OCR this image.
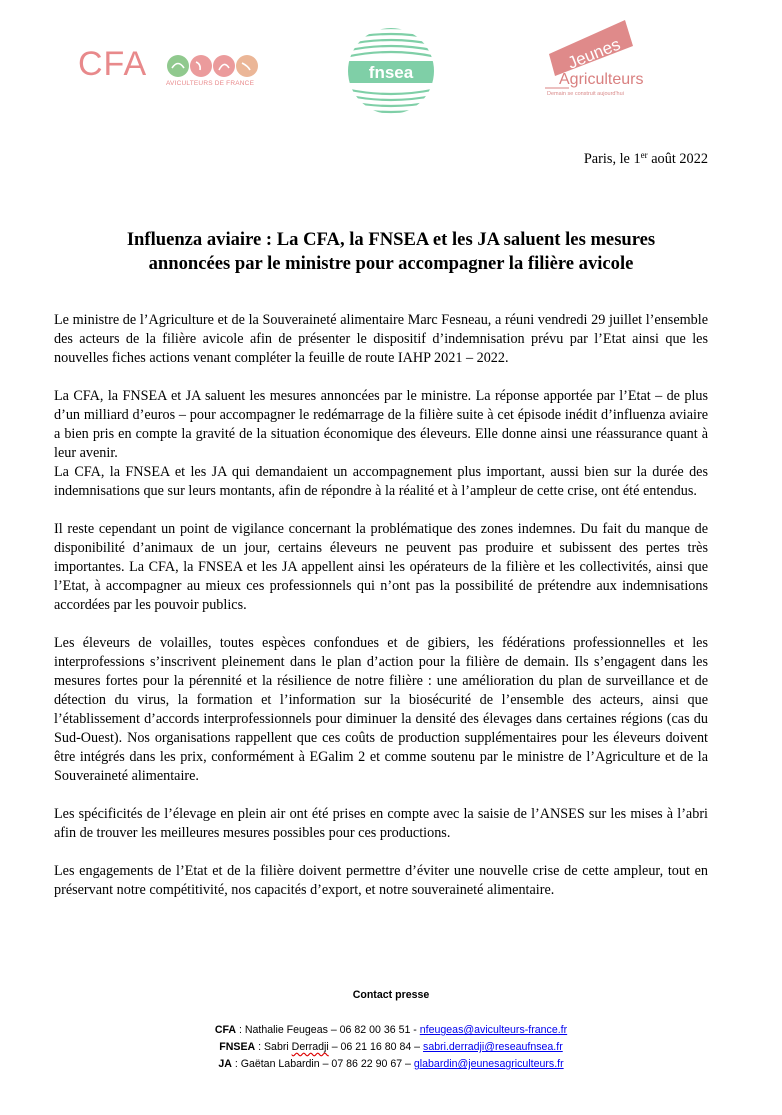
CFA
AVICULTEURS DE FRANCE
fnsea	Jeunes
Agriculteurs
Demain se construit aujourd'hui
Paris, le 1er août 2022
Influenza aviaire : La CFA, la FNSEA et les JA saluent les mesures
annoncées par le ministre pour accompagner la filière avicole

Le ministre de l’Agriculture et de la Souveraineté alimentaire Marc Fesneau, a réuni vendredi 29 juillet l’ensemble des acteurs de la filière avicole afin de présenter le dispositif d’indemnisation prévu par l’Etat ainsi que les nouvelles fiches actions venant compléter la feuille de route IAHP 2021 – 2022.

La CFA, la FNSEA et JA saluent les mesures annoncées par le ministre. La réponse apportée par l’Etat – de plus d’un milliard d’euros – pour accompagner le redémarrage de la filière suite à cet épisode inédit d’influenza aviaire a bien pris en compte la gravité de la situation économique des éleveurs. Elle donne ainsi une réassurance quant à leur avenir.

La CFA, la FNSEA et les JA qui demandaient un accompagnement plus important, aussi bien sur la durée des indemnisations que sur leurs montants, afin de répondre à la réalité et à l’ampleur de cette crise, ont été entendus.

Il reste cependant un point de vigilance concernant la problématique des zones indemnes. Du fait du manque de disponibilité d’animaux de un jour, certains éleveurs ne peuvent pas produire et subissent des pertes très importantes. La CFA, la FNSEA et les JA appellent ainsi les opérateurs de la filière et les collectivités, ainsi que l’Etat, à accompagner au mieux ces professionnels qui n’ont pas la possibilité de prétendre aux indemnisations accordées par les pouvoir publics.

Les éleveurs de volailles, toutes espèces confondues et de gibiers, les fédérations professionnelles et les interprofessions s’inscrivent pleinement dans le plan d’action pour la filière de demain. Ils s’engagent dans les mesures fortes pour la pérennité et la résilience de notre filière : une amélioration du plan de surveillance et de détection du virus, la formation et l’information sur la biosécurité de l’ensemble des acteurs, ainsi que l’établissement d’accords interprofessionnels pour diminuer la densité des élevages dans certaines régions (cas du Sud-Ouest). Nos organisations rappellent que ces coûts de production supplémentaires pour les éleveurs doivent être intégrés dans les prix, conformément à EGalim 2 et comme soutenu par le ministre de l’Agriculture et de la Souveraineté alimentaire.

Les spécificités de l’élevage en plein air ont été prises en compte avec la saisie de l’ANSES sur les mises à l’abri afin de trouver les meilleures mesures possibles pour ces productions.

Les engagements de l’Etat et de la filière doivent permettre d’éviter une nouvelle crise de cette ampleur, tout en préservant notre compétitivité, nos capacités d’export, et notre souveraineté alimentaire.

Contact presse
CFA : Nathalie Feugeas – 06 82 00 36 51 - nfeugeas@aviculteurs-france.fr
FNSEA : Sabri Derradji – 06 21 16 80 84 – sabri.derradji@reseaufnsea.fr
JA : Gaëtan Labardin – 07 86 22 90 67 – glabardin@jeunesagriculteurs.fr
